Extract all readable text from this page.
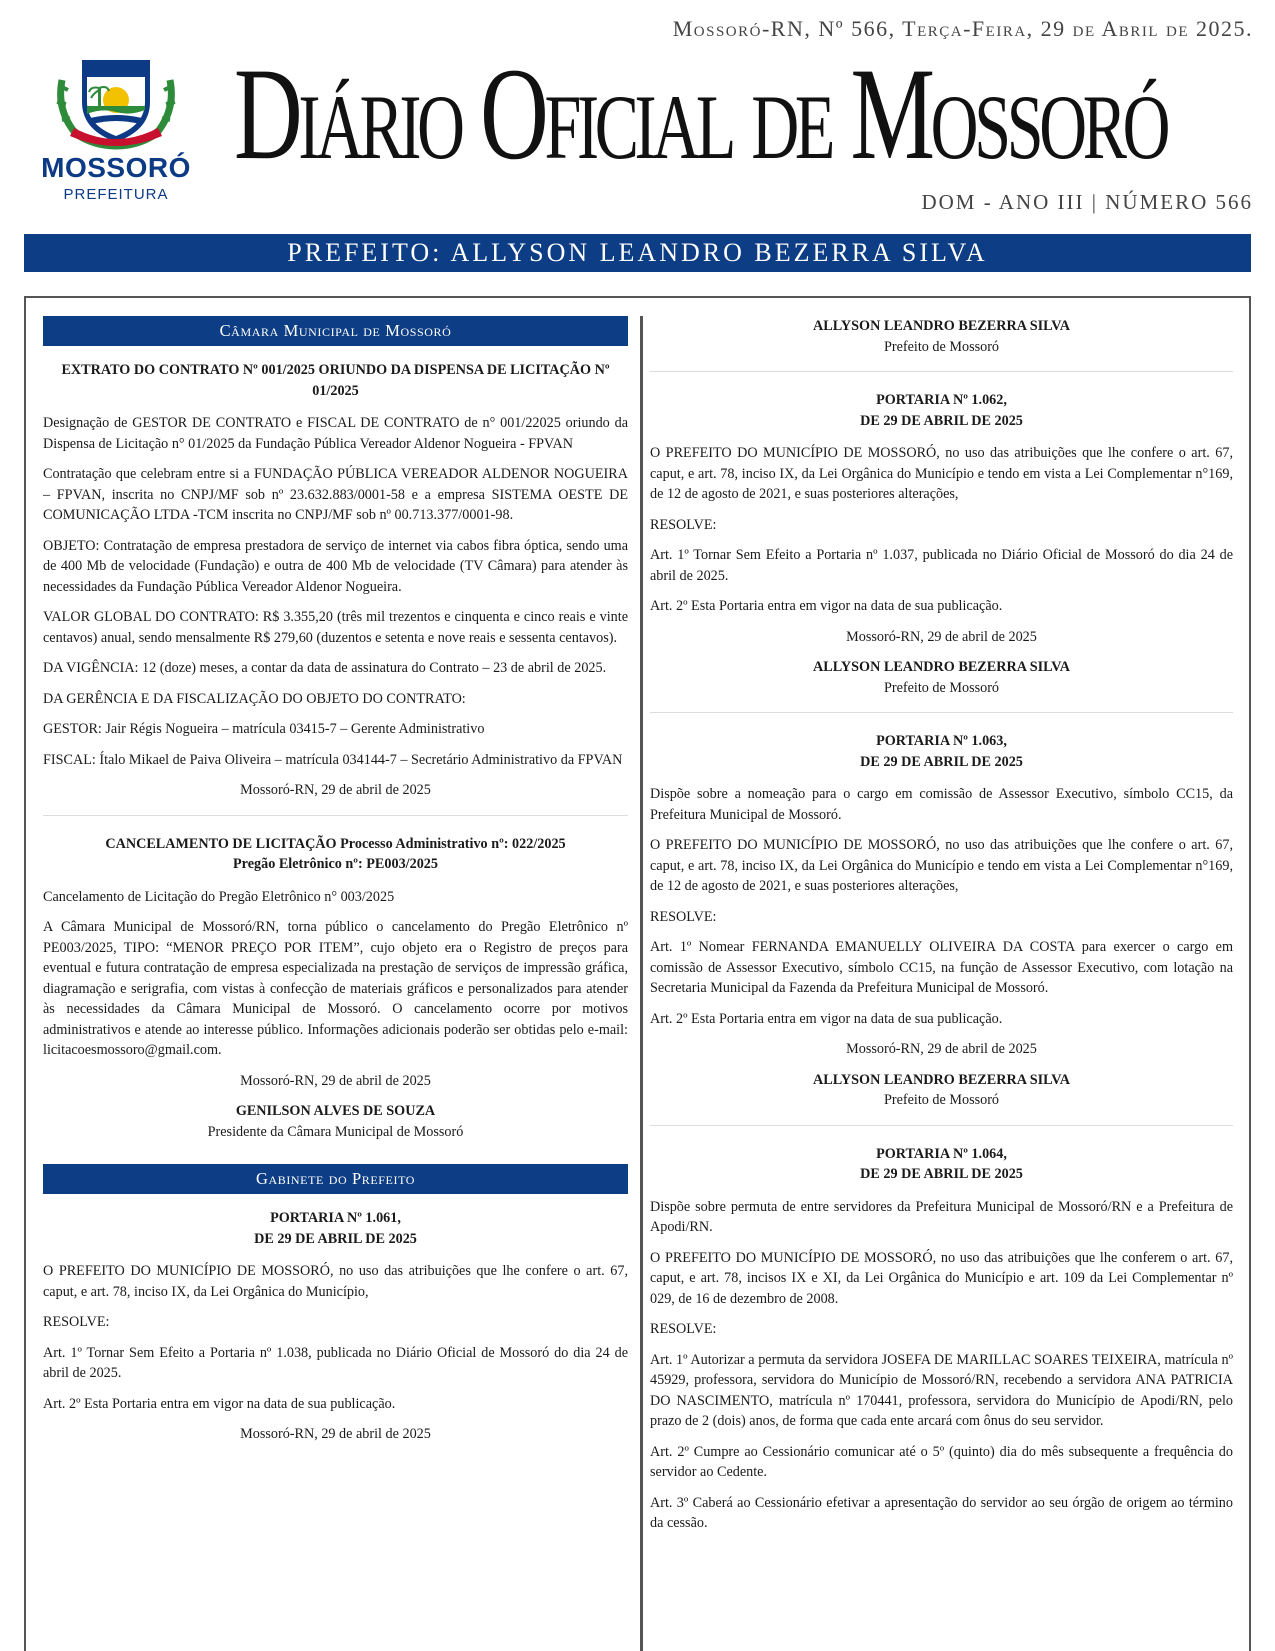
MOSSORÓ
PREFEITURA
Mossoró-RN, Nº 566, Terça-Feira, 29 de Abril de 2025.
Diário Oficial de Mossoró
DOM - ANO III | NÚMERO 566
PREFEITO: ALLYSON LEANDRO BEZERRA SILVA
Câmara Municipal de Mossoró
EXTRATO DO CONTRATO Nº 001/2025 ORIUNDO DA DISPENSA DE LICITAÇÃO Nº 01/2025
Designação de GESTOR DE CONTRATO e FISCAL DE CONTRATO de n° 001/22025 oriundo da Dispensa de Licitação n° 01/2025 da Fundação Pública Vereador Aldenor Nogueira - FPVAN
Contratação que celebram entre si a FUNDAÇÃO PÚBLICA VEREADOR ALDENOR NOGUEIRA – FPVAN, inscrita no CNPJ/MF sob nº 23.632.883/0001-58 e a empresa SISTEMA OESTE DE COMUNICAÇÃO LTDA -TCM inscrita no CNPJ/MF sob nº 00.713.377/0001-98.
OBJETO: Contratação de empresa prestadora de serviço de internet via cabos fibra óptica, sendo uma de 400 Mb de velocidade (Fundação) e outra de 400 Mb de velocidade (TV Câmara) para atender às necessidades da Fundação Pública Vereador Aldenor Nogueira.
VALOR GLOBAL DO CONTRATO: R$ 3.355,20 (três mil trezentos e cinquenta e cinco reais e vinte centavos) anual, sendo mensalmente R$ 279,60 (duzentos e setenta e nove reais e sessenta centavos).
DA VIGÊNCIA: 12 (doze) meses, a contar da data de assinatura do Contrato – 23 de abril de 2025.
DA GERÊNCIA E DA FISCALIZAÇÃO DO OBJETO DO CONTRATO:
GESTOR: Jair Régis Nogueira – matrícula 03415-7 – Gerente Administrativo
FISCAL: Ítalo Mikael de Paiva Oliveira – matrícula 034144-7 – Secretário Administrativo da FPVAN
Mossoró-RN, 29 de abril de 2025
CANCELAMENTO DE LICITAÇÃO Processo Administrativo nº: 022/2025
Pregão Eletrônico nº: PE003/2025
Cancelamento de Licitação do Pregão Eletrônico n° 003/2025
A Câmara Municipal de Mossoró/RN, torna público o cancelamento do Pregão Eletrônico nº PE003/2025, TIPO: “MENOR PREÇO POR ITEM”, cujo objeto era o Registro de preços para eventual e futura contratação de empresa especializada na prestação de serviços de impressão gráfica, diagramação e serigrafia, com vistas à confecção de materiais gráficos e personalizados para atender às necessidades da Câmara Municipal de Mossoró. O cancelamento ocorre por motivos administrativos e atende ao interesse público. Informações adicionais poderão ser obtidas pelo e-mail: licitacoesmossoro@gmail.com.
Mossoró-RN, 29 de abril de 2025
GENILSON ALVES DE SOUZA
Presidente da Câmara Municipal de Mossoró
Gabinete do Prefeito
PORTARIA Nº 1.061,
DE 29 DE ABRIL DE 2025
O PREFEITO DO MUNICÍPIO DE MOSSORÓ, no uso das atribuições que lhe confere o art. 67, caput, e art. 78, inciso IX, da Lei Orgânica do Município,
RESOLVE:
Art. 1º Tornar Sem Efeito a Portaria nº 1.038, publicada no Diário Oficial de Mossoró do dia 24 de abril de 2025.
Art. 2º Esta Portaria entra em vigor na data de sua publicação.
Mossoró-RN, 29 de abril de 2025
ALLYSON LEANDRO BEZERRA SILVA
Prefeito de Mossoró
PORTARIA Nº 1.062,
DE 29 DE ABRIL DE 2025
O PREFEITO DO MUNICÍPIO DE MOSSORÓ, no uso das atribuições que lhe confere o art. 67, caput, e art. 78, inciso IX, da Lei Orgânica do Município e tendo em vista a Lei Complementar n°169, de 12 de agosto de 2021, e suas posteriores alterações,
RESOLVE:
Art. 1º Tornar Sem Efeito a Portaria nº 1.037, publicada no Diário Oficial de Mossoró do dia 24 de abril de 2025.
Art. 2º Esta Portaria entra em vigor na data de sua publicação.
Mossoró-RN, 29 de abril de 2025
ALLYSON LEANDRO BEZERRA SILVA
Prefeito de Mossoró
PORTARIA Nº 1.063,
DE 29 DE ABRIL DE 2025
Dispõe sobre a nomeação para o cargo em comissão de Assessor Executivo, símbolo CC15, da Prefeitura Municipal de Mossoró.
O PREFEITO DO MUNICÍPIO DE MOSSORÓ, no uso das atribuições que lhe confere o art. 67, caput, e art. 78, inciso IX, da Lei Orgânica do Município e tendo em vista a Lei Complementar n°169, de 12 de agosto de 2021, e suas posteriores alterações,
RESOLVE:
Art. 1º Nomear FERNANDA EMANUELLY OLIVEIRA DA COSTA para exercer o cargo em comissão de Assessor Executivo, símbolo CC15, na função de Assessor Executivo, com lotação na Secretaria Municipal da Fazenda da Prefeitura Municipal de Mossoró.
Art. 2º Esta Portaria entra em vigor na data de sua publicação.
Mossoró-RN, 29 de abril de 2025
ALLYSON LEANDRO BEZERRA SILVA
Prefeito de Mossoró
PORTARIA Nº 1.064,
DE 29 DE ABRIL DE 2025
Dispõe sobre permuta de entre servidores da Prefeitura Municipal de Mossoró/RN e a Prefeitura de Apodi/RN.
O PREFEITO DO MUNICÍPIO DE MOSSORÓ, no uso das atribuições que lhe conferem o art. 67, caput, e art. 78, incisos IX e XI, da Lei Orgânica do Município e art. 109 da Lei Complementar nº 029, de 16 de dezembro de 2008.
RESOLVE:
Art. 1º Autorizar a permuta da servidora JOSEFA DE MARILLAC SOARES TEIXEIRA, matrícula nº 45929, professora, servidora do Município de Mossoró/RN, recebendo a servidora ANA PATRICIA DO NASCIMENTO, matrícula nº 170441, professora, servidora do Município de Apodi/RN, pelo prazo de 2 (dois) anos, de forma que cada ente arcará com ônus do seu servidor.
Art. 2º Cumpre ao Cessionário comunicar até o 5º (quinto) dia do mês subsequente a frequência do servidor ao Cedente.
Art. 3º Caberá ao Cessionário efetivar a apresentação do servidor ao seu órgão de origem ao término da cessão.
